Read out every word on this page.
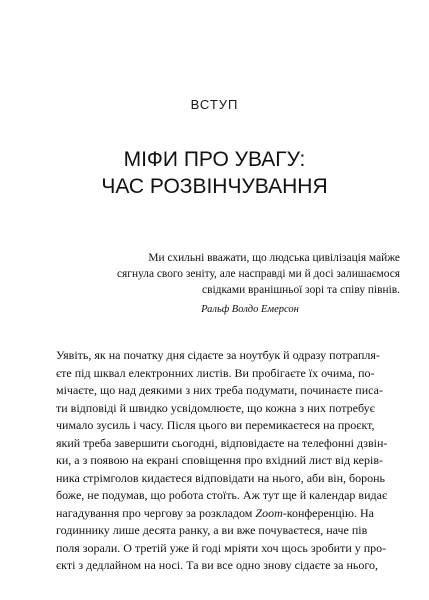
ВСТУП
МІФИ ПРО УВАГУ:
ЧАС РОЗВІНЧУВАННЯ
Ми схильні вважати, що людська цивілізація майже
сягнула свого зеніту, але насправді ми й досі залишаємося
свідками вранішньої зорі та співу півнів.
Ральф Волдо Емерсон
Уявіть, як на початку дня сідаєте за ноутбук й одразу потрапля-
єте під шквал електронних листів. Ви пробігаєте їх очима, по-
мічаєте, що над деякими з них треба подумати, починаєте писа-
ти відповіді й швидко усвідомлюєте, що кожна з них потребує
чимало зусиль і часу. Після цього ви перемикаєтеся на проєкт,
який треба завершити сьогодні, відповідаєте на телефонні дзвін-
ки, а з появою на екрані сповіщення про вхідний лист від керів-
ника стрімголов кидаєтеся відповідати на нього, аби він, боронь
боже, не подумав, що робота стоїть. Аж тут ще й календар видає
нагадування про чергову за розкладом Zoom-конференцію. На
годиннику лише десята ранку, а ви вже почуваєтеся, наче пів
поля зорали. О третій уже й годі мріяти хоч щось зробити у про-
єкті з дедлайном на носі. Та ви все одно знову сідаєте за нього,
